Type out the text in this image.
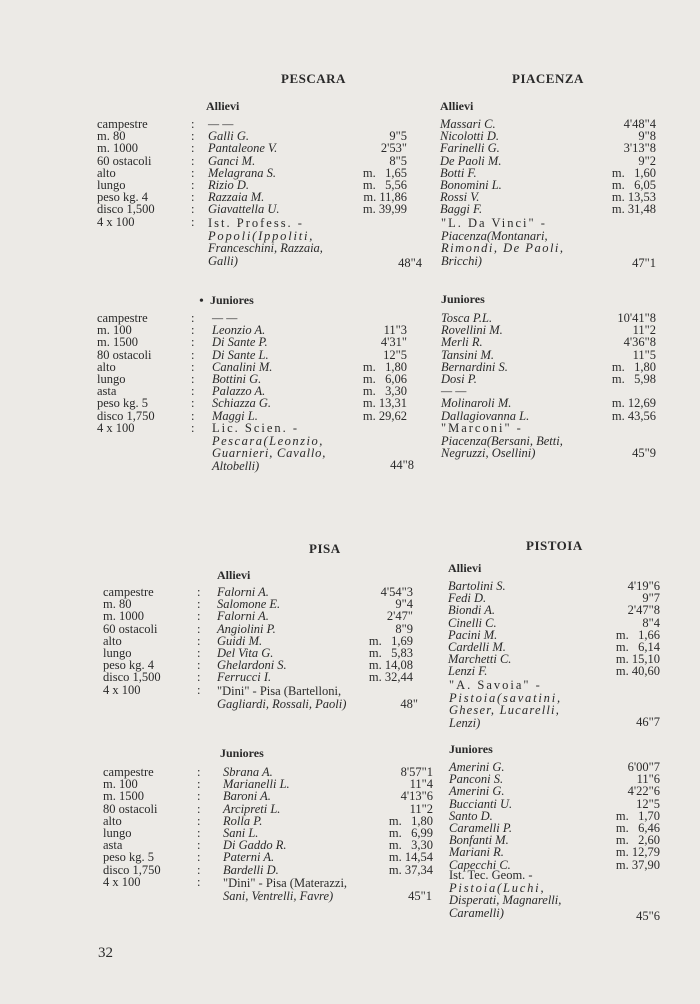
PESCARA
Allievi
campestre	: — —
m. 80	: Galli G.	9"5
m. 1000	: Pantaleone V.	2'53"
60 ostacoli	: Ganci M.	8"5
alto	: Melagrana S.	m.   1,65
lungo	: Rizio D.	m.   5,56
peso kg. 4	: Razzaia M.	m. 11,86
disco 1,500	: Giavattella U.	m. 39,99
4 x 100	: Ist. Profess. -
Popoli(Ippoliti,
Franceschini, Razzaia,
Galli)	48"4
• Juniores
campestre	: — —
m. 100	: Leonzio A.	11"3
m. 1500	: Di Sante P.	4'31"
80 ostacoli	: Di Sante L.	12"5
alto	: Canalini M.	m.   1,80
lungo	: Bottini G.	m.   6,06
asta	: Palazzo A.	m.   3,30
peso kg. 5	: Schiazza G.	m. 13,31
disco 1,750	: Maggi L.	m. 29,62
4 x 100	: Lic. Scien. -
Pescara(Leonzio,
Guarnieri, Cavallo,
Altobelli)	44"8
PIACENZA
Allievi
Massari C.	4'48"4
Nicolotti D.	9"8
Farinelli G.	3'13"8
De Paoli M.	9"2
Botti F.	m.   1,60
Bonomini L.	m.   6,05
Rossi V.	m. 13,53
Baggi F.	m. 31,48
"L. Da Vinci" -
Piacenza(Montanari,
Rimondi, De Paoli,
Bricchi)	47"1
Juniores
Tosca P.L.	10'41"8
Rovellini M.	11"2
Merli R.	4'36"8
Tansini M.	11"5
Bernardini S.	m.   1,80
Dosi P.	m.   5,98
— —
Molinaroli M.	m. 12,69
Dallagiovanna L.	m. 43,56
"Marconi" -
Piacenza(Bersani, Betti,
Negruzzi, Osellini)	45"9
PISA
Allievi
campestre	: Falorni A.	4'54"3
m. 80	: Salomone E.	9"4
m. 1000	: Falorni A.	2'47"
60 ostacoli	: Angiolini P.	8"9
alto	: Guidi M.	m.   1,69
lungo	: Del Vita G.	m.   5,83
peso kg. 4	: Ghelardoni S.	m. 14,08
disco 1,500	: Ferrucci I.	m. 32,44
4 x 100	: "Dini" - Pisa (Bartelloni,
Gagliardi, Rossali, Paoli)	48"
Juniores
campestre	: Sbrana A.	8'57"1
m. 100	: Marianelli L.	11"4
m. 1500	: Baroni A.	4'13"6
80 ostacoli	: Arcipreti L.	11"2
alto	: Rolla P.	m.   1,80
lungo	: Sani L.	m.   6,99
asta	: Di Gaddo R.	m.   3,30
peso kg. 5	: Paterni A.	m. 14,54
disco 1,750	: Bardelli D.	m. 37,34
4 x 100	: "Dini" - Pisa (Materazzi,
Sani, Ventrelli, Favre)	45"1
PISTOIA
Allievi
Bartolini S.	4'19"6
Fedi D.	9"7
Biondi A.	2'47"8
Cinelli C.	8"4
Pacini M.	m.   1,66
Cardelli M.	m.   6,14
Marchetti C.	m. 15,10
Lenzi F.	m. 40,60
"A. Savoia" -
Pistoia(savatini,
Gheser, Lucarelli,
Lenzi)	46"7
Juniores
Amerini G.	6'00"7
Panconi S.	11"6
Amerini G.	4'22"6
Buccianti U.	12"5
Santo D.	m.   1,70
Caramelli P.	m.   6,46
Bonfanti M.	m.   2,60
Mariani R.	m. 12,79
Capecchi C.	m. 37,90
Ist. Tec. Geom. -
Pistoia(Luchi,
Disperati, Magnarelli,
Caramelli)	45"6
32
